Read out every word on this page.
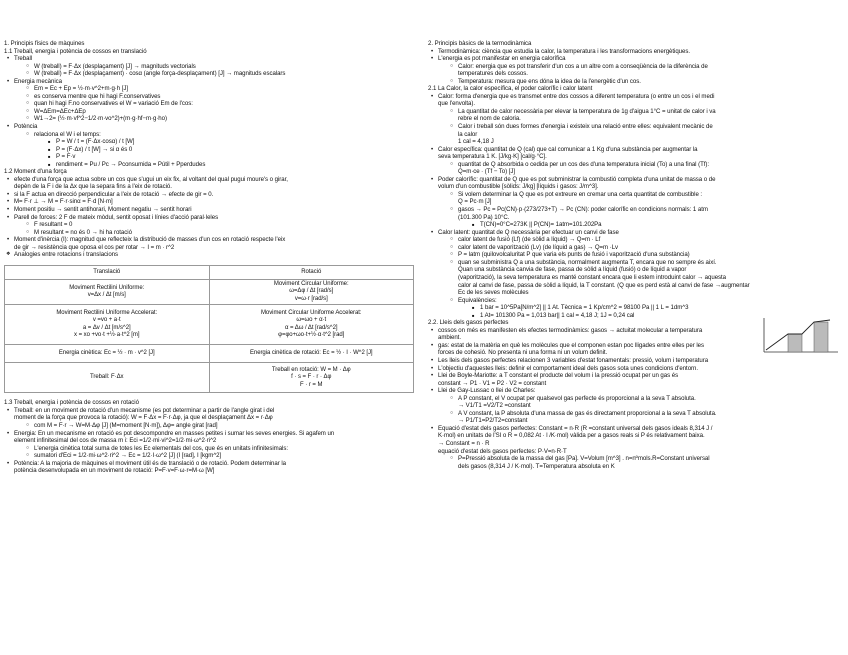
1. Principis físics de màquines
1.1 Treball, energia i potència de cossos en translació
• Treball
○ W (treball) = F·Δx (desplaçament) [J] → magnituds vectorials
○ W (treball) = F·Δx (desplaçament) · cosα (angle força-desplaçament) [J] → magnituds escalars
• Energia mecànica
○ Em = Ec + Ep = ½·m·v^2+m·g·h [J]
○ es conserva mentre que hi hagi F.conservatives
○ quan hi hagi F.no conservatives el W = variació Em de l'cos:
○ W=ΔEm=ΔEc+ΔEp
○ W1→2= (½·m·vf^2−1/2·m·vo^2)+(m·g·hf−m·g·ho)
• Potència
○ relaciona el W i el temps:
■ P = W / t = (F·Δx·cosα) / t [W]
■ P = (F·Δx) / t [W] → si α és 0
■ P = F·v
■ rendiment = Pu / Pc → Pconsumida = Pútil + Pperdudes
1.2 Moment d'una força
• efecte d'una força que actua sobre un cos que s'ugui un eix fix, al voltant del qual pugui moure's o girar,
depèn de la F i de la Δx que la separa fins a l'eix de rotació.
• si la F actua en direcció perpendicular a l'eix de rotació → efecte de gir = 0.
• M= F·r ⊥ → M = F·r·sinα = F·d [N·m]
• Moment positiu → sentit antihorari, Moment negatiu → sentit horari
• Parell de forces: 2 F de mateix mòdul, sentit oposat i línies d'acció paral·leles
○ F resultant = 0
○ M resultant = no és 0 → hi ha rotació
• Moment d'inèrcia (I): magnitud que reflecteix la distribució de masses d'un cos en rotació respecte l'eix
de gir → resistència que oposa el cos per rotar → I = m · r^2
❖ Analogies entre rotacions i translacions
Translació	Rotació
Moviment Rectilini Uniforme:
v=Δx / Δt [m/s]	Moviment Circular Uniforme:
ω=Δφ / Δt [rad/s]
v=ω·r [rad/s]
Moviment Rectilini Uniforme Accelerat:
v =vo + a·t
a = Δv / Δt [m/s^2]
x = xo +vo·t +½·a·t^2 [m]	Moviment Circular Uniforme Accelerat:
ω=ωo + α·t
α = Δω / Δt [rad/s^2]
φ=φo+ωo·t+½·α·t^2 [rad]
Energia cinètica: Ec = ½ · m · v^2 [J]	Energia cinètica de rotació: Ec = ½ · I · W^2 [J]
Treball: F·Δx	Treball en rotació: W = M · Δφ
f · s = F · r · Δφ
F · r = M
1.3 Treball, energia i potència de cossos en rotació
• Treball: en un moviment de rotació d'un mecanisme (es pot determinar a partir de l'angle girat i del
moment de la força que provoca la rotació): W = F·Δx = F·r·Δφ, ja que el desplaçament Δx = r·Δφ
○ com M = F·r → W=M·Δφ [J] (M=moment [N·m]), Δφ= angle girat [rad]
• Energia: En un mecanisme en rotació es pot descompondre en masses petites i sumar les seves energies. Si agafem un
element infinitesimal del cos de massa m i: Eci =1/2·mi·vi^2=1/2·mi·ω^2·ri^2
○ L'energia cinètica total suma de totes les Ec elementals del cos, que és en unitats infinitesimals:
○ sumatori d'Eci = 1/2·mi·ω^2·ri^2 → Ec = 1/2·I·ω^2 [J] (I [rad], I [kgm^2]
• Potència: A la majoria de màquines el moviment útil és de translació o de rotació. Podem determinar la
potència desenvolupada en un moviment de rotació: P=F·v=F·ω·r=M·ω [W]
2. Principis bàsics de la termodinàmica
• Termodinàmica: ciència que estudia la calor, la temperatura i les transformacions energètiques.
• L'energia es pot manifestar en energia calorífica
○ Calor: energia que es pot transferir d'un cos a un altre com a conseqüència de la diferència de
temperatures dels cossos.
○ Temperatura: mesura que ens dóna la idea de la l'energètic d'un cos.
2.1 La Calor, la calor específica, el poder calorífic i calor latent
• Calor: forma d'energia que es transmet entre dos cossos a diferent temperatura (o entre un cos i el medi
que l'envolta).
○ La quantitat de calor necessària per elevar la temperatura de 1g d'aigua 1°C = unitat de calor i va
rebre el nom de caloria.
○ Calor i treball són dues formes d'energia i existeix una relació entre elles: equivalent mecànic de
la calor
1 cal = 4,18 J
• Calor específica: quantitat de Q (cal) que cal comunicar a 1 Kg d'una substància per augmentar la
seva temperatura 1 K. [J/kg·K] [cal/g·°C].
○ quantitat de Q absorbida o cedida per un cos des d'una temperatura inicial (To) a una final (Tf):
Q=m·ce · (Tf − To) [J]
• Poder calorífic: quantitat de Q que es pot subministrar la combustió completa d'una unitat de massa o de
volum d'un combustible [sòlids: J/kg] [líquids i gasos: J/m^3].
○ Si volem determinar la Q que es pot extreure en cremar una certa quantitat de combustible :
Q = Pc·m [J]
○ gasos → Pc = Pc(CN)·p·(273/273+T) → Pc (CN): poder calorífic en condicions normals: 1 atm
(101.300 Pa) 10°C.
■ T(CN)=0°C=273K || P(CN)= 1atm=101.202Pa
• Calor latent: quantitat de Q necessària per efectuar un canvi de fase
○ calor latent de fusió (Lf) (de sòlid a líquid) → Q=m · Lf
○ calor latent de vaporització (Lv) (de líquid a gas) → Q=m ·Lv
○ P = latm (quilovolcaluritat P que varia els punts de fusió i vaporització d'una substància)
○ quan se subministra Q a una substància, normalment augmenta T, encara que no sempre és així.
Quan una substància canvia de fase, passa de sòlid a líquid (fusió) o de líquid a vapor
(vaporització), la seva temperatura es manté constant encara que li estem introduint calor → aquesta
calor al canvi de fase, passa de sòlid a líquid, la T constant. (Q que es perd està al canvi de fase →augmentar
Ec de les seves molècules
○ Equivalències:
■ 1 bar = 10^5Pa[N/m^2] || 1 At. Tècnica = 1 Kp/cm^2 = 98100 Pa || 1 L = 1dm^3
■ 1 At= 101300 Pa = 1,013 bar|| 1 cal = 4,18 J; 1J = 0,24 cal
2.2. Lleis dels gasos perfectes
• cossos on més es manifesten els efectes termodinàmics: gasos → actuitat molecular a temperatura
ambient.
• gas: estat de la matèria en què les molècules que el componen estan poc lligades entre elles per les
forces de cohesió. No presenta ni una forma ni un volum definit.
• Les lleis dels gasos perfectes relacionen 3 variables d'estat fonamentals: pressió, volum i temperatura
• L'objectiu d'aquestes lleis: definir el comportament ideal dels gasos sota unes condicions d'entorn.
• Llei de Boyle-Mariotte: a T constant el producte del volum i la pressió ocupat per un gas és
constant → P1 · V1 = P2 · V2 = constant
• Llei de Gay-Lussac o llei de Charles:
○ A P constant, el V ocupat per qualsevol gas perfecte és proporcional a la seva T absoluta.
→ V1/T1 =V2/T2 =constant
○ A V constant, la P absoluta d'una massa de gas és directament proporcional a la seva T absoluta.
→ P1/T1=P2/T2=constant
• Equació d'estat dels gasos perfectes: Constant = n·R (R =constant universal dels gasos ideals 8,314 J /
K·mol) en unitats de l'SI o R = 0,082 At · l /K·mol) vàlida per a gasos reals si P és relativament baixa.
→ Constant = n · R
equació d'estat dels gasos perfectes: P·V=n·R·T
○ P=Pressió absoluta de la massa del gas [Pa]. V=Volum [m^3] . n=nºmols.R=Constant universal
dels gasos (8,314 J / K·mol). T=Temperatura absoluta en K
